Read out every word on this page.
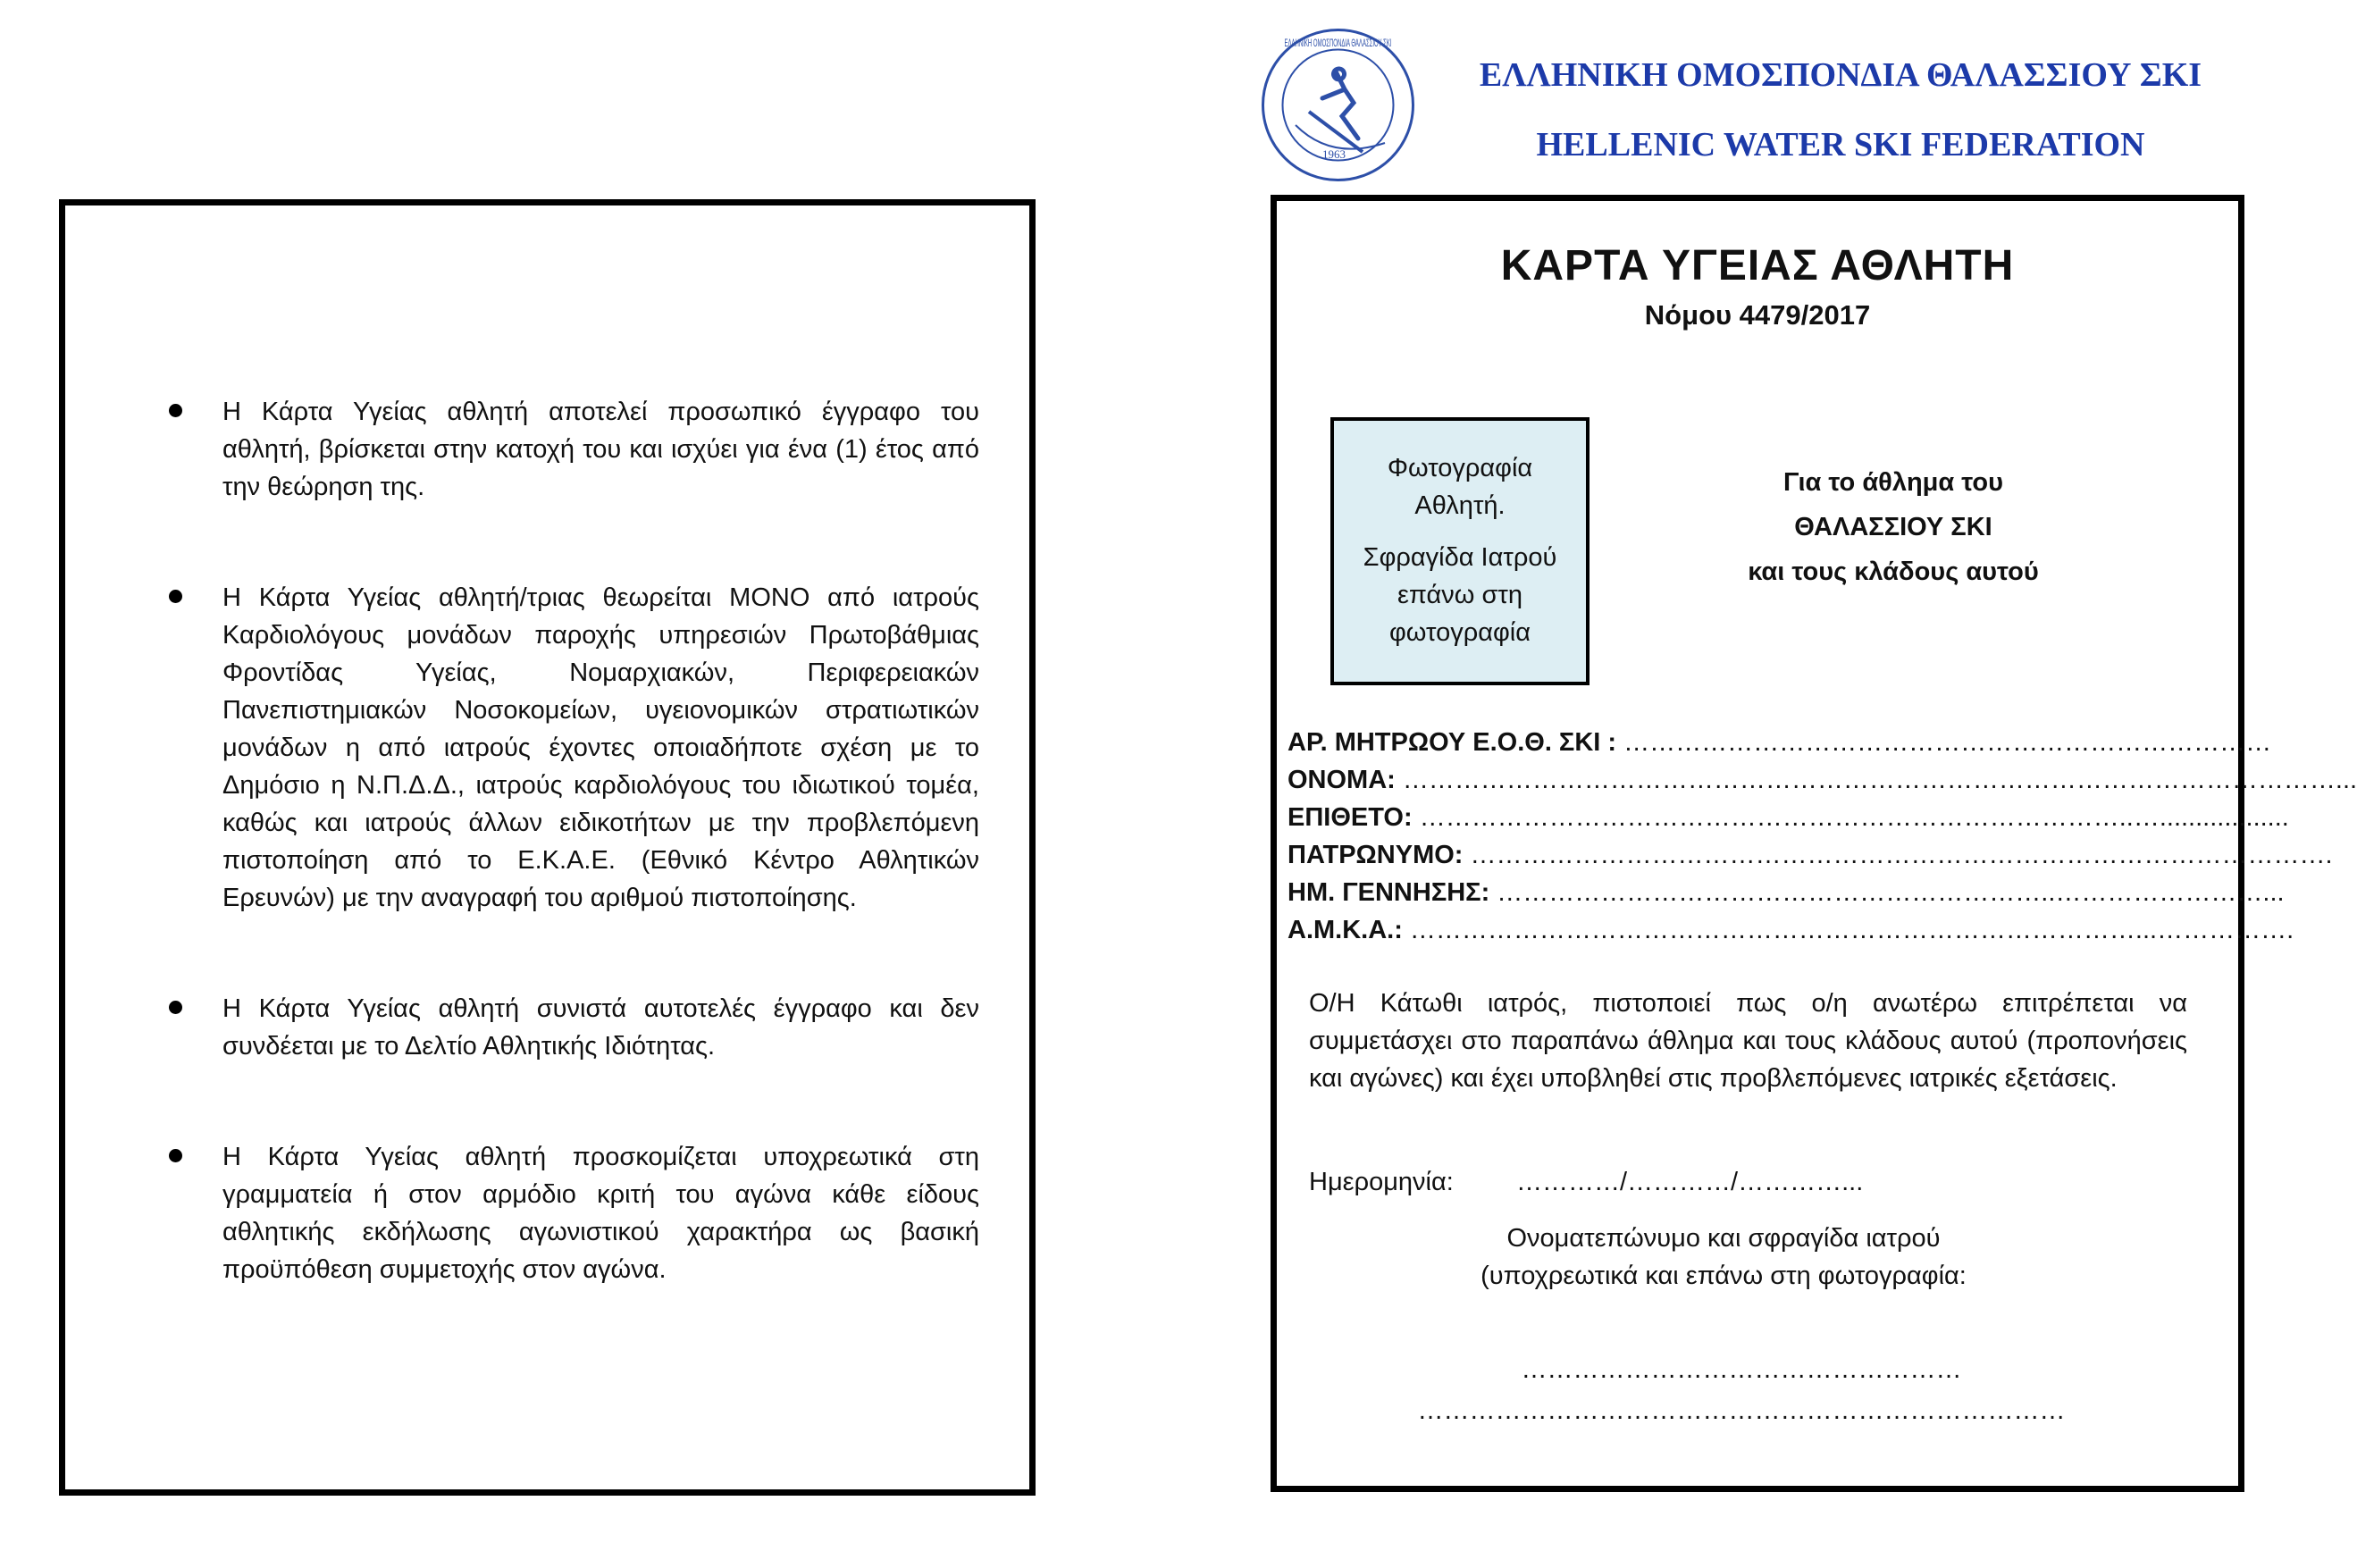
Η Κάρτα Υγείας αθλητή αποτελεί προσωπικό έγγραφο του αθλητή, βρίσκεται στην κατοχή του και ισχύει για ένα (1) έτος από την θεώρηση της.
Η Κάρτα Υγείας αθλητή/τριας θεωρείται ΜΟΝΟ από ιατρούς Καρδιολόγους μονάδων παροχής υπηρεσιών Πρωτοβάθμιας Φροντίδας Υγείας, Νομαρχιακών, Περιφερειακών Πανεπιστημιακών Νοσοκομείων, υγειονομικών στρατιωτικών μονάδων η από ιατρούς έχοντες οποιαδήποτε σχέση με το Δημόσιο η Ν.Π.Δ.Δ., ιατρούς καρδιολόγους του ιδιωτικού τομέα, καθώς και ιατρούς άλλων ειδικοτήτων με την προβλεπόμενη πιστοποίηση από το Ε.Κ.Α.Ε. (Εθνικό Κέντρο Αθλητικών Ερευνών) με την αναγραφή του αριθμού πιστοποίησης.
Η Κάρτα Υγείας αθλητή συνιστά αυτοτελές έγγραφο και δεν συνδέεται με το Δελτίο Αθλητικής Ιδιότητας.
Η Κάρτα Υγείας αθλητή προσκομίζεται υποχρεωτικά στη γραμματεία ή στον αρμόδιο κριτή του αγώνα κάθε είδους αθλητικής εκδήλωσης αγωνιστικού χαρακτήρα ως βασική προϋπόθεση συμμετοχής στον αγώνα.
ΕΛΛΗΝΙΚΗ ΟΜΟΣΠΟΝΔΙΑ ΘΑΛΑΣΣΙΟΥ ΣΚΙ
1963
ΕΛΛΗΝΙΚΗ ΟΜΟΣΠΟΝΔΙΑ ΘΑΛΑΣΣΙΟΥ ΣΚΙ
HELLENIC WATER SKI FEDERATION
ΚΑΡΤΑ ΥΓΕΙΑΣ ΑΘΛΗΤΗ
Νόμου 4479/2017

Φωτογραφία

Αθλητή.

Σφραγίδα Ιατρού

επάνω στη

φωτογραφία

Για το άθλημα του
ΘΑΛΑΣΣΙΟΥ ΣΚΙ
και τους κλάδους αυτού
ΑΡ. ΜΗΤΡΩΟΥ Ε.Ο.Θ. ΣΚΙ : …………………………………………………………………
ΟΝΟΜΑ: ………………………………………………………………………………………………...
ΕΠΙΘΕΤΟ: ………………………………………………………………………..…..................
ΠΑΤΡΩΝΥΜΟ: ……………………………………………………………………………………….
ΗΜ. ΓΕΝΝΗΣΗΣ: ………………………………………………………..……………………...
Α.Μ.Κ.Α.: …………………………………………………………………………...…………….
Ο/Η Κάτωθι ιατρός, πιστοποιεί πως ο/η ανωτέρω επιτρέπεται να συμμετάσχει στο παραπάνω άθλημα και τους κλάδους αυτού (προπονήσεις και αγώνες) και έχει υποβληθεί στις προβλεπόμενες ιατρικές εξετάσεις.
Ημερομηνία: …………/…………/…………...
Ονοματεπώνυμο και σφραγίδα ιατρού
(υποχρεωτικά και επάνω στη φωτογραφία:
……………………………………………
…………………………………………………………………
